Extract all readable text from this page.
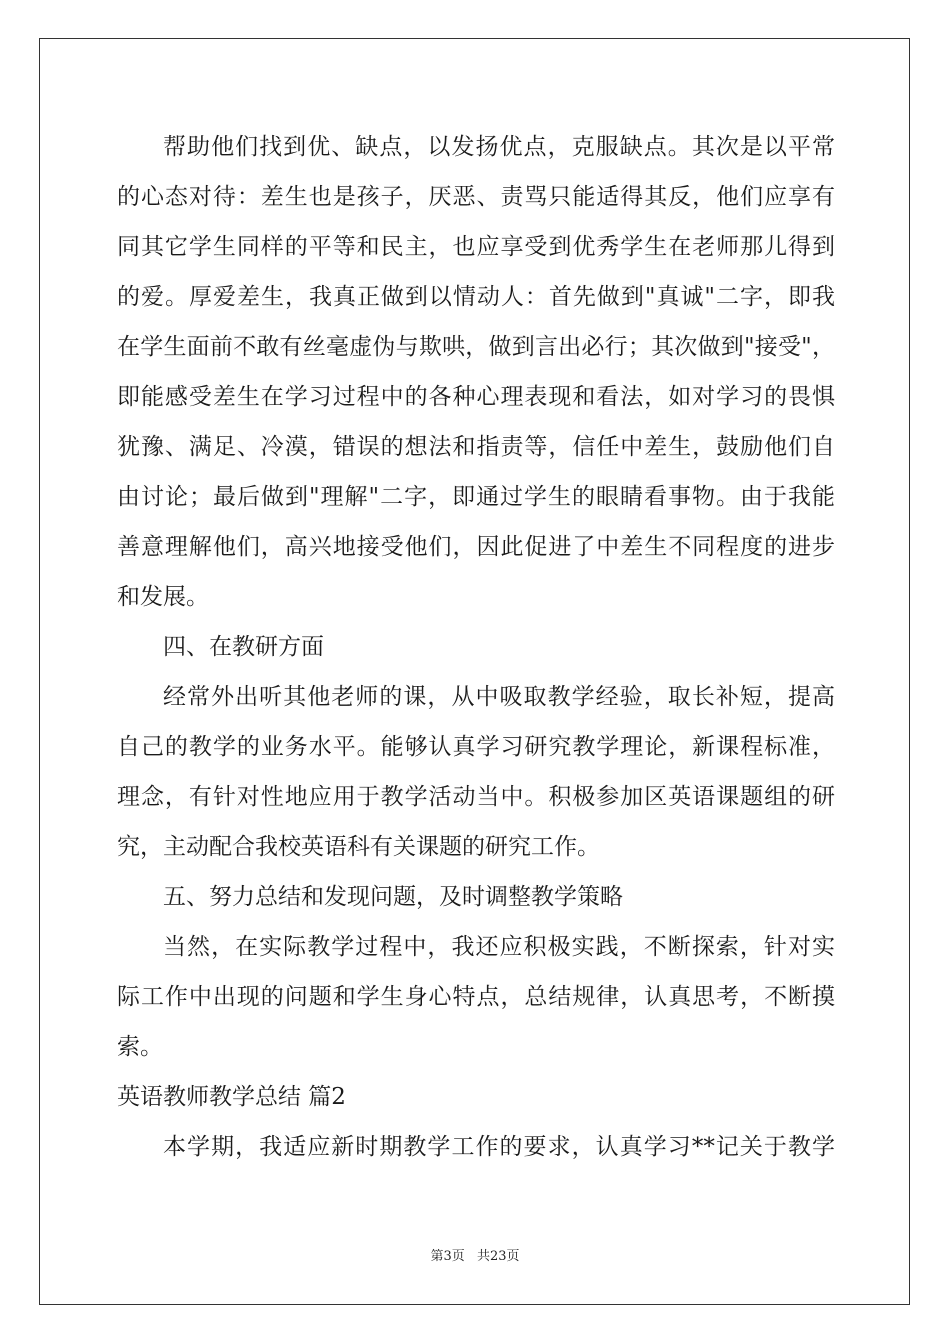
帮助他们找到优、缺点，以发扬优点，克服缺点。其次是以平常
的心态对待：差生也是孩子，厌恶、责骂只能适得其反，他们应享有
同其它学生同样的平等和民主，也应享受到优秀学生在老师那儿得到
的爱。厚爱差生，我真正做到以情动人：首先做到"真诚"二字，即我
在学生面前不敢有丝毫虚伪与欺哄，做到言出必行；其次做到"接受"，
即能感受差生在学习过程中的各种心理表现和看法，如对学习的畏惧
犹豫、满足、冷漠，错误的想法和指责等，信任中差生，鼓励他们自
由讨论；最后做到"理解"二字，即通过学生的眼睛看事物。由于我能
善意理解他们，高兴地接受他们，因此促进了中差生不同程度的进步
和发展。
四、在教研方面
经常外出听其他老师的课，从中吸取教学经验，取长补短，提高
自己的教学的业务水平。能够认真学习研究教学理论，新课程标准，
理念，有针对性地应用于教学活动当中。积极参加区英语课题组的研
究，主动配合我校英语科有关课题的研究工作。
五、努力总结和发现问题，及时调整教学策略
当然，在实际教学过程中，我还应积极实践，不断探索，针对实
际工作中出现的问题和学生身心特点，总结规律，认真思考，不断摸
索。
英语教师教学总结 篇2
本学期，我适应新时期教学工作的要求，认真学习**记关于教学
第3页 共23页
